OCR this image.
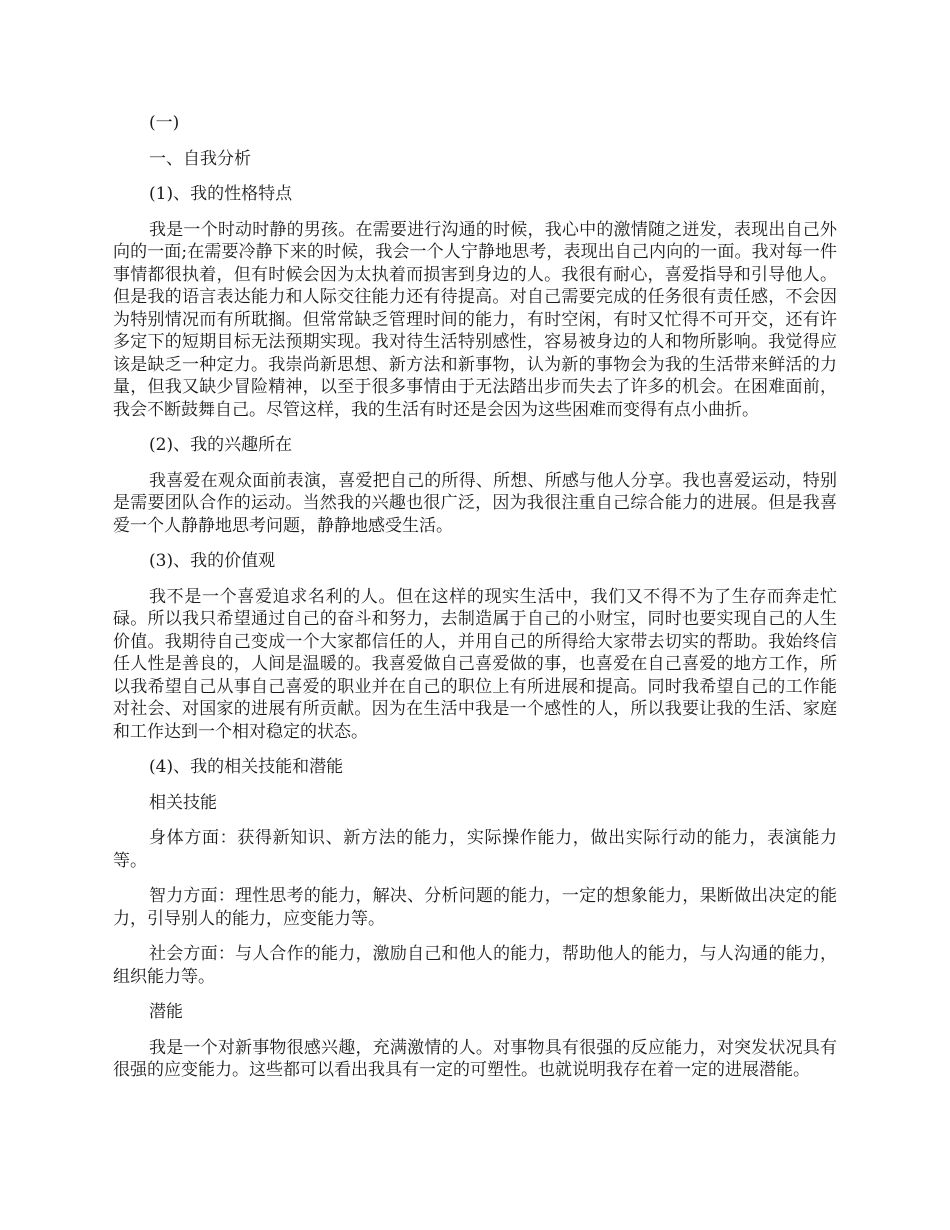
(一)

一、自我分析

(1)、我的性格特点

我是一个时动时静的男孩。在需要进行沟通的时候，我心中的激情随之迸发，表现出自己外向的一面;在需要冷静下来的时候，我会一个人宁静地思考，表现出自己内向的一面。我对每一件事情都很执着，但有时候会因为太执着而损害到身边的人。我很有耐心，喜爱指导和引导他人。但是我的语言表达能力和人际交往能力还有待提高。对自己需要完成的任务很有责任感，不会因为特别情况而有所耽搁。但常常缺乏管理时间的能力，有时空闲，有时又忙得不可开交，还有许多定下的短期目标无法预期实现。我对待生活特别感性，容易被身边的人和物所影响。我觉得应该是缺乏一种定力。我崇尚新思想、新方法和新事物，认为新的事物会为我的生活带来鲜活的力量，但我又缺少冒险精神，以至于很多事情由于无法踏出步而失去了许多的机会。在困难面前，我会不断鼓舞自己。尽管这样，我的生活有时还是会因为这些困难而变得有点小曲折。

(2)、我的兴趣所在

我喜爱在观众面前表演，喜爱把自己的所得、所想、所感与他人分享。我也喜爱运动，特别是需要团队合作的运动。当然我的兴趣也很广泛，因为我很注重自己综合能力的进展。但是我喜爱一个人静静地思考问题，静静地感受生活。

(3)、我的价值观

我不是一个喜爱追求名利的人。但在这样的现实生活中，我们又不得不为了生存而奔走忙碌。所以我只希望通过自己的奋斗和努力，去制造属于自己的小财宝，同时也要实现自己的人生价值。我期待自己变成一个大家都信任的人，并用自己的所得给大家带去切实的帮助。我始终信任人性是善良的，人间是温暖的。我喜爱做自己喜爱做的事，也喜爱在自己喜爱的地方工作，所以我希望自己从事自己喜爱的职业并在自己的职位上有所进展和提高。同时我希望自己的工作能对社会、对国家的进展有所贡献。因为在生活中我是一个感性的人，所以我要让我的生活、家庭和工作达到一个相对稳定的状态。

(4)、我的相关技能和潜能

相关技能

身体方面：获得新知识、新方法的能力，实际操作能力，做出实际行动的能力，表演能力等。

智力方面：理性思考的能力，解决、分析问题的能力，一定的想象能力，果断做出决定的能力，引导别人的能力，应变能力等。

社会方面：与人合作的能力，激励自己和他人的能力，帮助他人的能力，与人沟通的能力，组织能力等。

潜能

我是一个对新事物很感兴趣，充满激情的人。对事物具有很强的反应能力，对突发状况具有很强的应变能力。这些都可以看出我具有一定的可塑性。也就说明我存在着一定的进展潜能。
